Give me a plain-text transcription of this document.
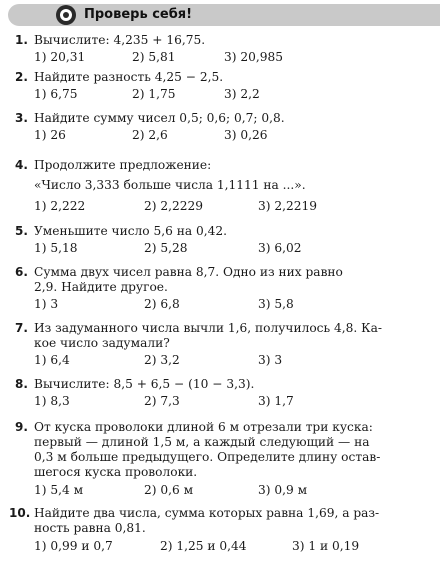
Проверь себя!
1. Вычислите: 4,235 + 16,75.
1) 20,31	2) 5,81	3) 20,985
2. Найдите разность 4,25 − 2,5.
1) 6,75	2) 1,75	3) 2,2
3. Найдите сумму чисел 0,5; 0,6; 0,7; 0,8.
1) 26	2) 2,6	3) 0,26
4. Продолжите предложение:
«Число 3,333 больше числа 1,1111 на ...».
1) 2,222	2) 2,2229	3) 2,2219
5. Уменьшите число 5,6 на 0,42.
1) 5,18	2) 5,28	3) 6,02
6. Сумма двух чисел равна 8,7. Одно из них равно
2,9. Найдите другое.
1) 3	2) 6,8	3) 5,8
7. Из задуманного числа вычли 1,6, получилось 4,8. Ка-
кое число задумали?
1) 6,4	2) 3,2	3) 3
8. Вычислите: 8,5 + 6,5 − (10 − 3,3).
1) 8,3	2) 7,3	3) 1,7
9. От куска проволоки длиной 6 м отрезали три куска:
первый — длиной 1,5 м, а каждый следующий — на
0,3 м больше предыдущего. Определите длину остав-
шегося куска проволоки.
1) 5,4 м	2) 0,6 м	3) 0,9 м
10. Найдите два числа, сумма которых равна 1,69, а раз-
ность равна 0,81.
1) 0,99 и 0,7	2) 1,25 и 0,44	3) 1 и 0,19
